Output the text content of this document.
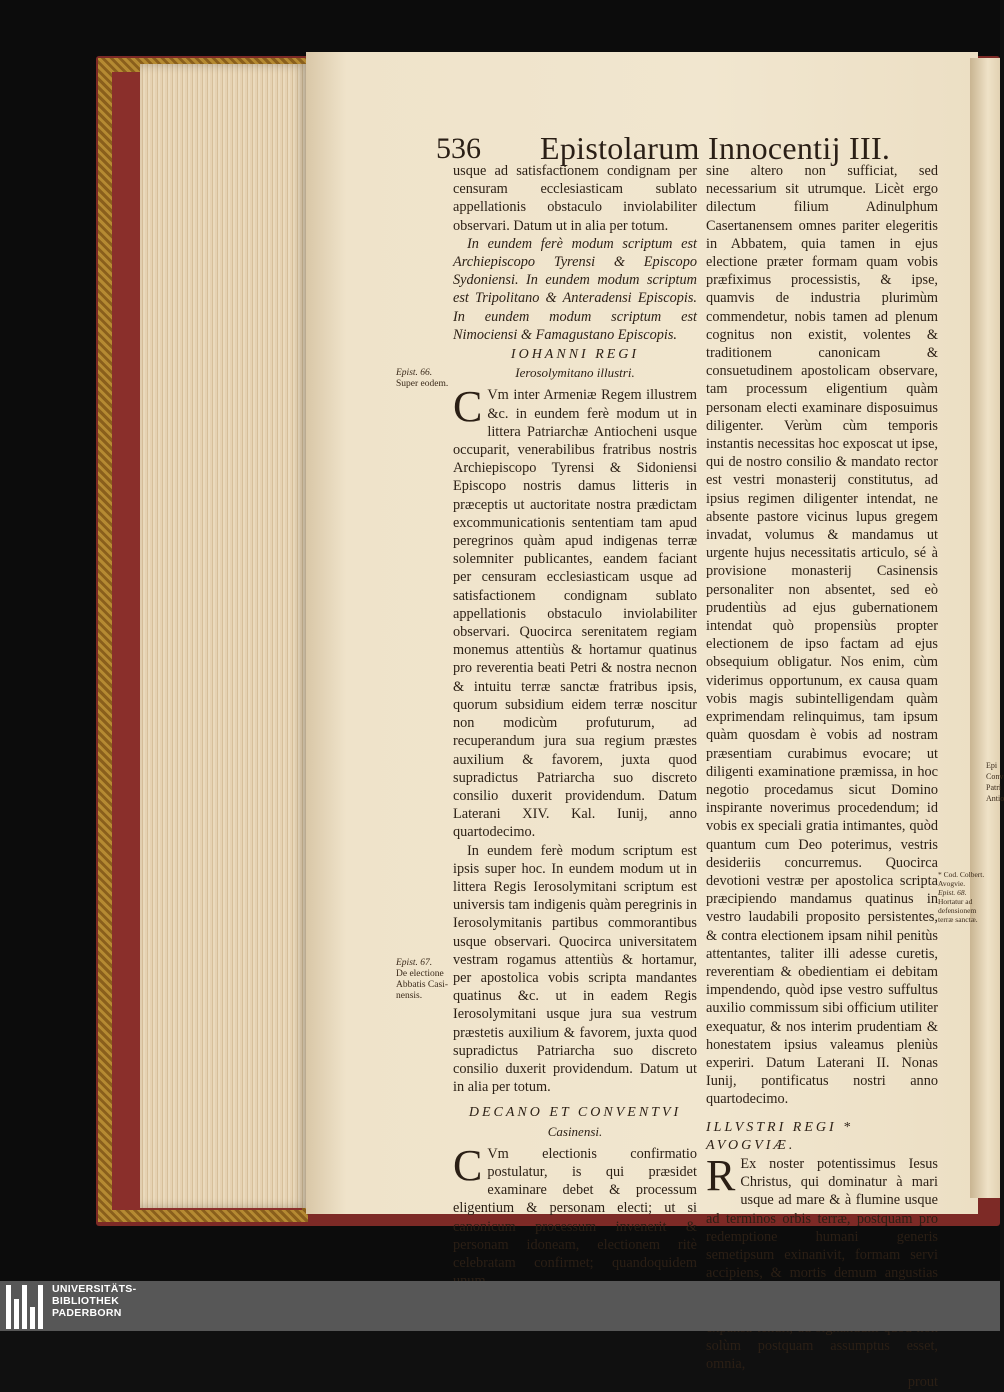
Epi
Conv
Patri
Antio
536 Epistolarum Innocentij III.
Epist. 66.
Super eodem.
Epist. 67.
De electione
Abbatis Casi-
nensis.
* Cod. Colbert.
Avogvie.
Epist. 68.
Hortatur ad
defensionem
terræ sanctæ.

usque ad satisfactionem condignam per censuram ecclesiasticam sublato appellationis obstaculo inviolabiliter observari. Datum ut in alia per totum.

In eundem ferè modum scriptum est Archiepiscopo Tyrensi & Episcopo Sydoniensi. In eundem modum scriptum est Tripolitano & Anteradensi Episcopis. In eundem modum scriptum est Nimociensi & Famagustano Episcopis.

IOHANNI REGI

Ierosolymitano illustri.

C Vm inter Armeniæ Regem illustrem &c. in eundem ferè modum ut in littera Patriarchæ Antiocheni usque occuparit, venerabilibus fratribus nostris Archiepiscopo Tyrensi & Sidoniensi Episcopo nostris damus litteris in præceptis ut auctoritate nostra prædictam excommunicationis sententiam tam apud peregrinos quàm apud indigenas terræ solemniter publicantes, eandem faciant per censuram ecclesiasticam usque ad satisfactionem condignam sublato appellationis obstaculo inviolabiliter observari. Quocirca serenitatem regiam monemus attentiùs & hortamur quatinus pro reverentia beati Petri & nostra necnon & intuitu terræ sanctæ fratribus ipsis, quorum subsidium eidem terræ noscitur non modicùm profuturum, ad recuperandum jura sua regium præstes auxilium & favorem, juxta quod supradictus Patriarcha suo discreto consilio duxerit providendum. Datum Laterani XIV. Kal. Iunij, anno quartodecimo.

In eundem ferè modum scriptum est ipsis super hoc. In eundem modum ut in littera Regis Ierosolymitani scriptum est universis tam indigenis quàm peregrinis in Ierosolymitanis partibus commorantibus usque observari. Quocirca universitatem vestram rogamus attentiùs & hortamur, per apostolica vobis scripta mandantes quatinus &c. ut in eadem Regis Ierosolymitani usque jura sua vestrum præstetis auxilium & favorem, juxta quod supradictus Patriarcha suo discreto consilio duxerit providendum. Datum ut in alia per totum.

DECANO ET CONVENTVI

Casinensi.

C Vm electionis confirmatio postulatur, is qui præsidet examinare debet & processum eligentium & personam electi; ut si canonicum processum invenerit & personam idoneam, electionem ritè celebratam confirmet; quandoquidem

sine altero non sufficiat, sed necessarium sit utrumque. Licèt ergo dilectum filium Adinulphum Casertanensem omnes pariter elegeritis in Abbatem, quia tamen in ejus electione præter formam quam vobis præfiximus processistis, & ipse, quamvis de industria plurimùm commendetur, nobis tamen ad plenum cognitus non existit, volentes & traditionem canonicam & consuetudinem apostolicam observare, tam processum eligentium quàm personam electi examinare disposuimus diligenter. Verùm cùm temporis instantis necessitas hoc exposcat ut ipse, qui de nostro consilio & mandato rector est vestri monasterij constitutus, ad ipsius regimen diligenter intendat, ne absente pastore vicinus lupus gregem invadat, volumus & mandamus ut urgente hujus necessitatis articulo, sé à provisione monasterij Casinensis personaliter non absentet, sed eò prudentiùs ad ejus gubernationem intendat quò propensiùs propter electionem de ipso factam ad ejus obsequium obligatur. Nos enim, cùm viderimus opportunum, ex causa quam vobis magis subintelligendam quàm exprimendam relinquimus, tam ipsum quàm quosdam è vobis ad nostram præsentiam curabimus evocare; ut diligenti examinatione præmissa, in hoc negotio procedamus sicut Domino inspirante noverimus procedendum; id vobis ex speciali gratia intimantes, quòd quantum cum Deo poterimus, vestris desideriis concurremus. Quocirca devotioni vestræ per apostolica scripta præcipiendo mandamus quatinus in vestro laudabili proposito persistentes, & contra electionem ipsam nihil penitùs attentantes, taliter illi adesse curetis, reverentiam & obedientiam ei debitam impendendo, quòd ipse vestro suffultus auxilio commissum sibi officium utiliter exequatur, & nos interim prudentiam & honestatem ipsius valeamus pleniùs experiri. Datum Laterani II. Nonas Iunij, pontificatus nostri anno quartodecimo.

ILLVSTRI REGI * AVOGVIÆ.

R Ex noster potentissimus Iesus Christus, qui dominatur à mari usque ad mare & à flumine usque ad terminos orbis terræ, postquam pro redemptione humani generis semetipsum exinanivit, formam servi accipiens, & mortis demum angustias solùm postquam assumptus esset, omnia,

prout

UNIVERSITÄTS-
BIBLIOTHEK
PADERBORN
